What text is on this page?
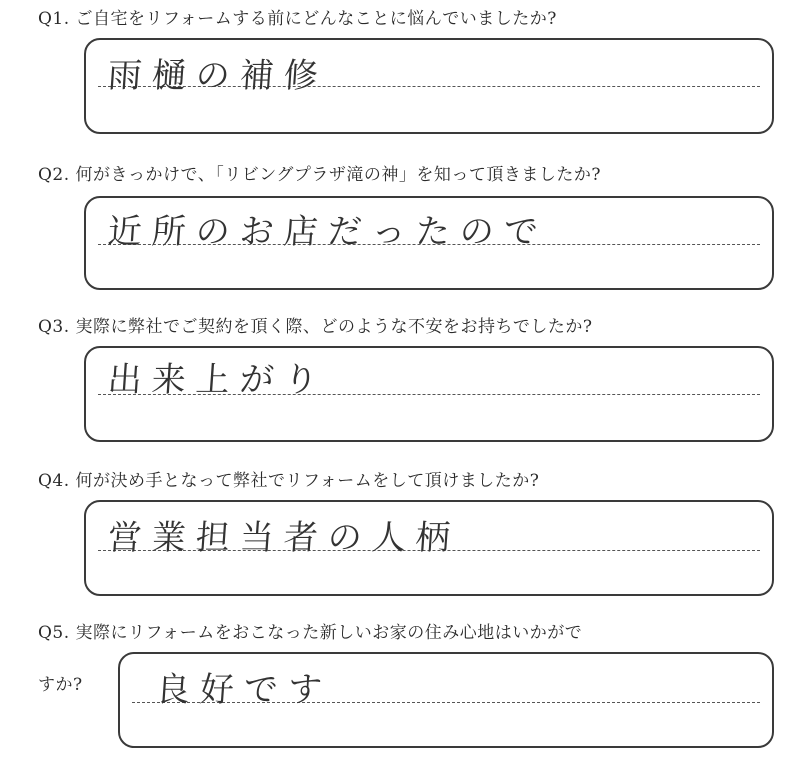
Q1. ご自宅をリフォームする前にどんなことに悩んでいましたか?
雨樋の補修
Q2. 何がきっかけで、「リビングプラザ滝の神」を知って頂きましたか?
近所のお店だったので
Q3. 実際に弊社でご契約を頂く際、どのような不安をお持ちでしたか?
出来上がり
Q4. 何が決め手となって弊社でリフォームをして頂けましたか?
営業担当者の人柄
Q5. 実際にリフォームをおこなった新しいお家の住み心地はいかがで
すか? 良好です
